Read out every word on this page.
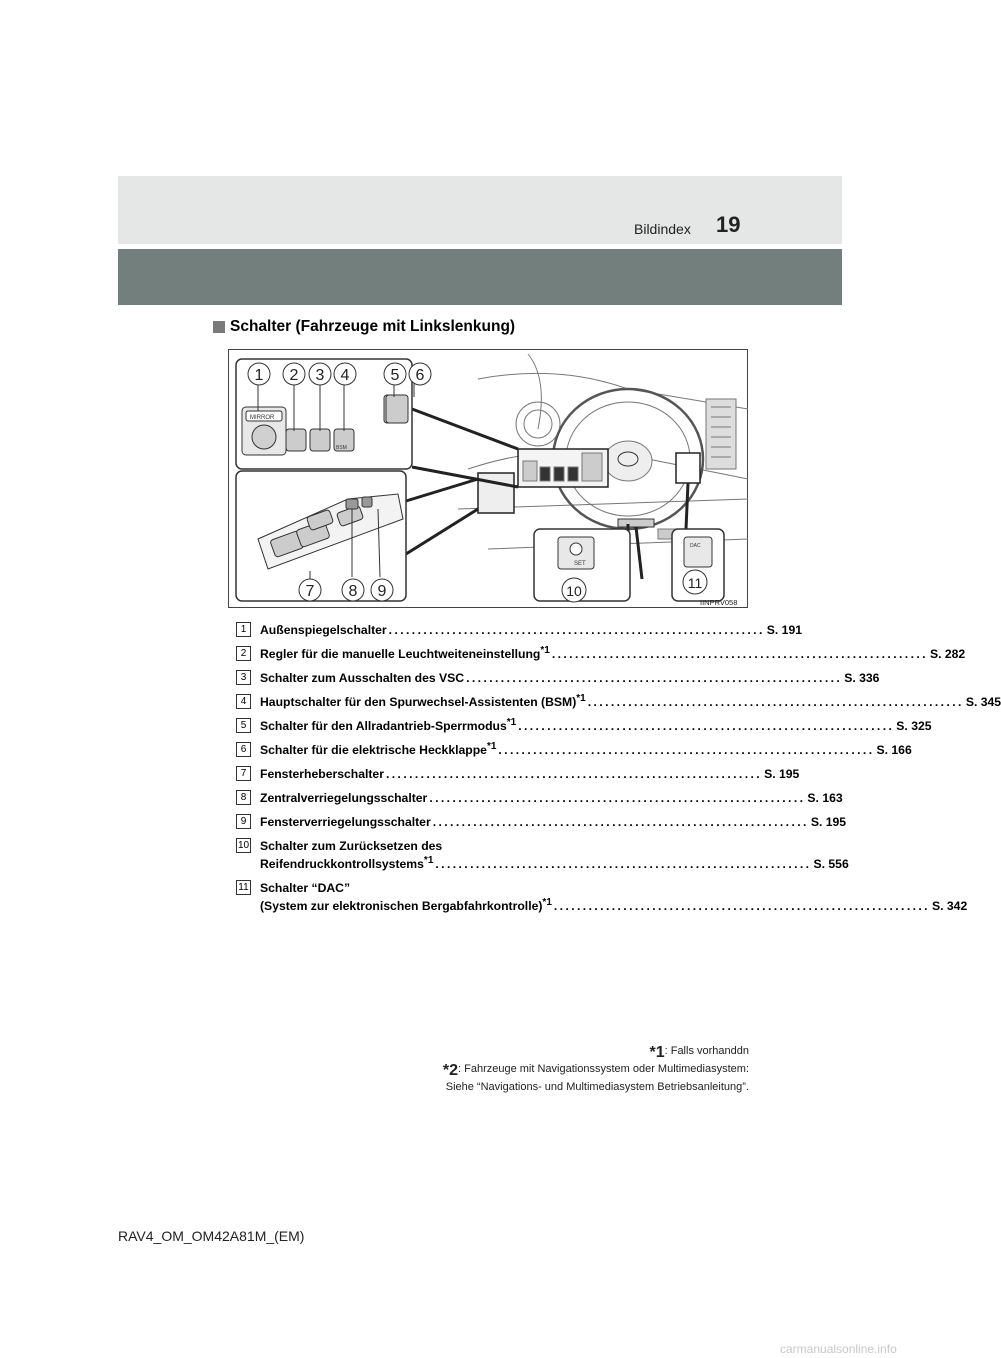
Bildindex 19
Schalter (Fahrzeuge mit Linkslenkung)
MIRROR
BSM
SET
DAC
1 2 3 4	5 6
7 8 9	10	11
IINPRV058
1	Außenspiegelschalter ................................................................. S. 191
2	Regler für die manuelle Leuchtweiteneinstellung$^{*1}$ ................................................................. S. 282
3	Schalter zum Ausschalten des VSC ................................................................. S. 336
4	Hauptschalter für den Spurwechsel-Assistenten (BSM)$^{*1}$ ................................................................. S. 345
5	Schalter für den Allradantrieb-Sperrmodus$^{*1}$ ................................................................. S. 325
6	Schalter für die elektrische Heckklappe$^{*1}$ ................................................................. S. 166
7	Fensterheberschalter ................................................................. S. 195
8	Zentralverriegelungsschalter ................................................................. S. 163
9	Fensterverriegelungsschalter ................................................................. S. 195
10 Schalter zum Zurücksetzen des
Reifendruckkontrollsystems$^{*1}$ ................................................................. S. 556
11 Schalter “DAC”
(System zur elektronischen Bergabfahrkontrolle)$^{*1}$ ................................................................. S. 342
*1: Falls vorhanddn
*2: Fahrzeuge mit Navigationssystem oder Multimediasystem:
Siehe “Navigations- und Multimediasystem Betriebsanleitung”.
RAV4_OM_OM42A81M_(EM)
carmanualsonline.info
